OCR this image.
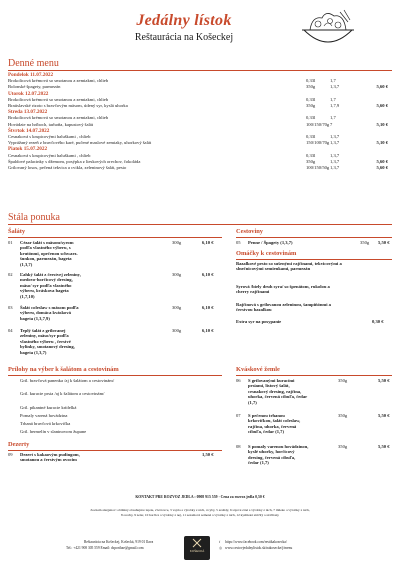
Jedálny lístok
Reštaurácia na Košeckej
Denné menu
Pondelok 11.07.2022
Brokolicová krémová so smotanou a zemiakmi, chlieb	0,33l	1,7
Bolonské špagety, parmezán	350g	1,3,7	5,60 €
Utorok 12.07.2022
Brokolicová krémová so smotanou a zemiakmi, chlieb	0,33l	1,7
Bratislavské rizoto s bravčovým mäsom, údený syr, kyslá uhorka	350g	1,7,9	5,60 €
Streda 13.07.2022
Brokolicová krémová so smotanou a zemiakmi, chlieb	0,33l	1,7
Hovädzie na hríboch, tarhoňa, kapustový šalát	100/150/70g 7	5,10 €
Štvrtok 14.07.2022
Cesnaková s krupicovými haluškami , chlieb	0,33l	1,3,7
Vyprážaný rezeň z bravčového karé, pučené maslové zemiaky, uhorkový šalát	150/100/70g 1,3,7	5,10 €
Piatok 15.07.2022
Cesnaková s krupicovými haluškami , chlieb	0,33l	1,3,7
Špaldové palacinky s džemom, posýpka z lieskových orechov, čokoláda	350g	1,3,7	5,60 €
Grilovaný losos, pečená tekvica a cvikla, zeleninový šalát, pesto	100/150/50g 1,3,7	5,60 €
Stála ponuka
Šaláty
01 Cézar šalát s mäsom/syrom
podľa vlastného výberu, s
krutónmi, opečenou schwarz.
šunkou, parmezán, bageta
(1,3,7)
300g	6,10 €
02 Ľahký šalát z čerstvej zeleniny,
medovo-horčicový dresing,
mäso/ syr podľa vlastného
výberu, kváskova bageta
(1,7,10)
300g	6,10 €
03 Šalát coleslaw s mäsom podľa
výberu, domáca kvásková
bageta (1,3,7,9)
300g	6,10 €
04 Teplý šalát z grilovanej
zeleniny, mäso/syr podľa
vlastného výberu , čerstvé
bylinky, smotanový dresing,
bageta (1,3,7)
300g	6,10 €
Cestoviny
05 Penne / Špagety (1,3,7)	350g 5,50 €
Omáčky k cestovinám
Bazalkové pesto so sušenými rajčinami, tekvicovými a slnečnicovými semienkami, parmezán
Syrová /biely druh syra/ so špenátom, rukolou a cherry rajčinami
Rajčinová s grilovanou zeleninou, šampiňónmi a čerstvou bazalkou
Extra syr na posypanie	0,30 €
Prílohy na výber k šalátom a cestovinám
Gril. bravčová panenka /aj k šalátom a cestovinám/
Gril. kuracie prsia /aj k šalátom a cestovinám/
Gril. pikantné kuracie krídelká
Pomaly varená hovädzina
Trhaná bravčová krkovička
Gril. hermelín v slaninovom župane
Dezerty
09 Dezert s kakaovým pudingom,
smotanou a čerstvým ovocím
1,50 €
Kváskové žemle
06 S grilovanými kuracími
prsiami, listový šalát,
cesnakový dresing, rajčina,
uhorka, červená cibuľa, čedar
(1,7)
350g	5,50 €
07 S pečenou trhanou
krkovičkou, šalát coleslaw,
rajčina, uhorka, červená
cibuľa, čedar (1,7)
350g	5,50 €
08 S pomaly varenou hovädzinou,
kyslé uhorky, horčicový
dresing, červená cibuľa,
čedar (1,7)
350g	5,50 €
KONTAKT PRE ROZVOZ JEDLA : 0908 915 559 · Cena za rozvoz jedla 0,50 €
Zoznam alergénov: obilniny obsahujúce lepok, 2 kôrovce, 3 vajcia a výrobky z nich, 4 ryby, 5 arašidy, 6 sójové zrná a výrobky z nich, 7 mlieko a výrobky z nich,
8 orechy, 9 zeler, 10 horčica a výrobky z nej, 11 sezamové semená a výrobky z nich, 12 kyslíkatá siričitý a siričitany
Reštaurácia na Košeckej, Košecká, 919 01 Ilava
Tel.: +421 908 305 559 Email: dsporthae@gmail.com
KOŠECKÁ
f https://www.facebook.com/restikakosecka/
◎ www.cestovjedalnylistok.sk/nakosecke/j/menu
